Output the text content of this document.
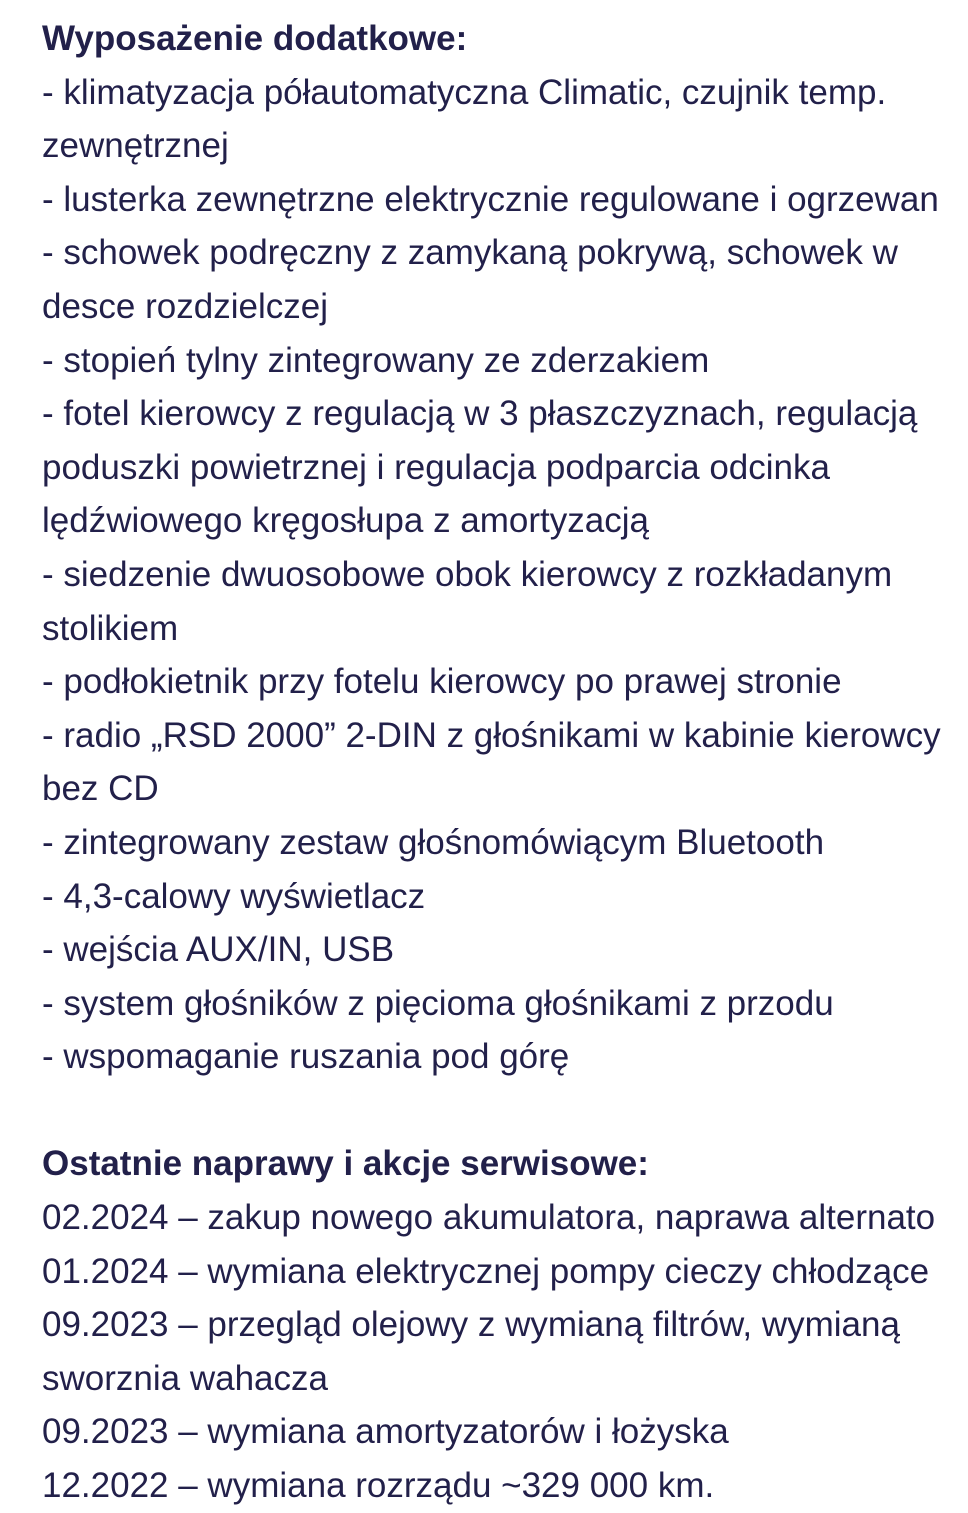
Wyposażenie dodatkowe:
- klimatyzacja półautomatyczna Climatic, czujnik temp.
zewnętrznej
- lusterka zewnętrzne elektrycznie regulowane i ogrzewan
- schowek podręczny z zamykaną pokrywą, schowek w
desce rozdzielczej
- stopień tylny zintegrowany ze zderzakiem
- fotel kierowcy z regulacją w 3 płaszczyznach, regulacją
poduszki powietrznej i regulacja podparcia odcinka
lędźwiowego kręgosłupa z amortyzacją
- siedzenie dwuosobowe obok kierowcy z rozkładanym
stolikiem
- podłokietnik przy fotelu kierowcy po prawej stronie
- radio „RSD 2000” 2-DIN z głośnikami w kabinie kierowcy
bez CD
- zintegrowany zestaw głośnomówiącym Bluetooth
- 4,3-calowy wyświetlacz
- wejścia AUX/IN, USB
- system głośników z pięcioma głośnikami z przodu
- wspomaganie ruszania pod górę
Ostatnie naprawy i akcje serwisowe:
02.2024 – zakup nowego akumulatora, naprawa alternato
01.2024 – wymiana elektrycznej pompy cieczy chłodzące
09.2023 – przegląd olejowy z wymianą filtrów, wymianą
sworznia wahacza
09.2023 – wymiana amortyzatorów i łożyska
12.2022 – wymiana rozrządu ~329 000 km.
